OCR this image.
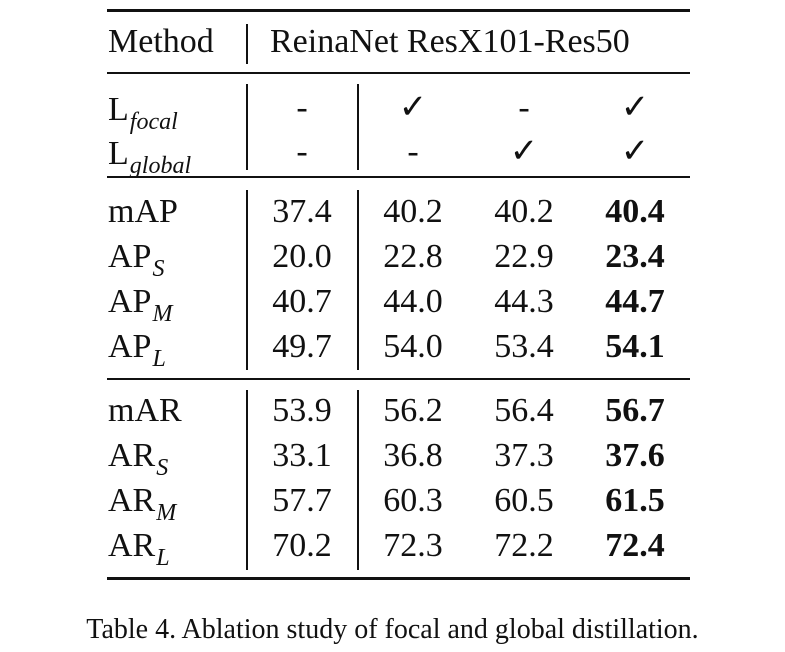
Method ReinaNet ResX101-Res50
$L_{focal}$	-	✓	-	✓
$L_{global}$	-	-	✓	✓
mAP	37.4	40.2	40.2	40.4
$AP_S$	20.0	22.8	22.9	23.4
$AP_M$	40.7	44.0	44.3	44.7
$AP_L$	49.7	54.0	53.4	54.1
mAR	53.9	56.2	56.4	56.7
$AR_S$	33.1	36.8	37.3	37.6
$AR_M$	57.7	60.3	60.5	61.5
$AR_L$	70.2	72.3	72.2	72.4
Table 4. Ablation study of focal and global distillation.
